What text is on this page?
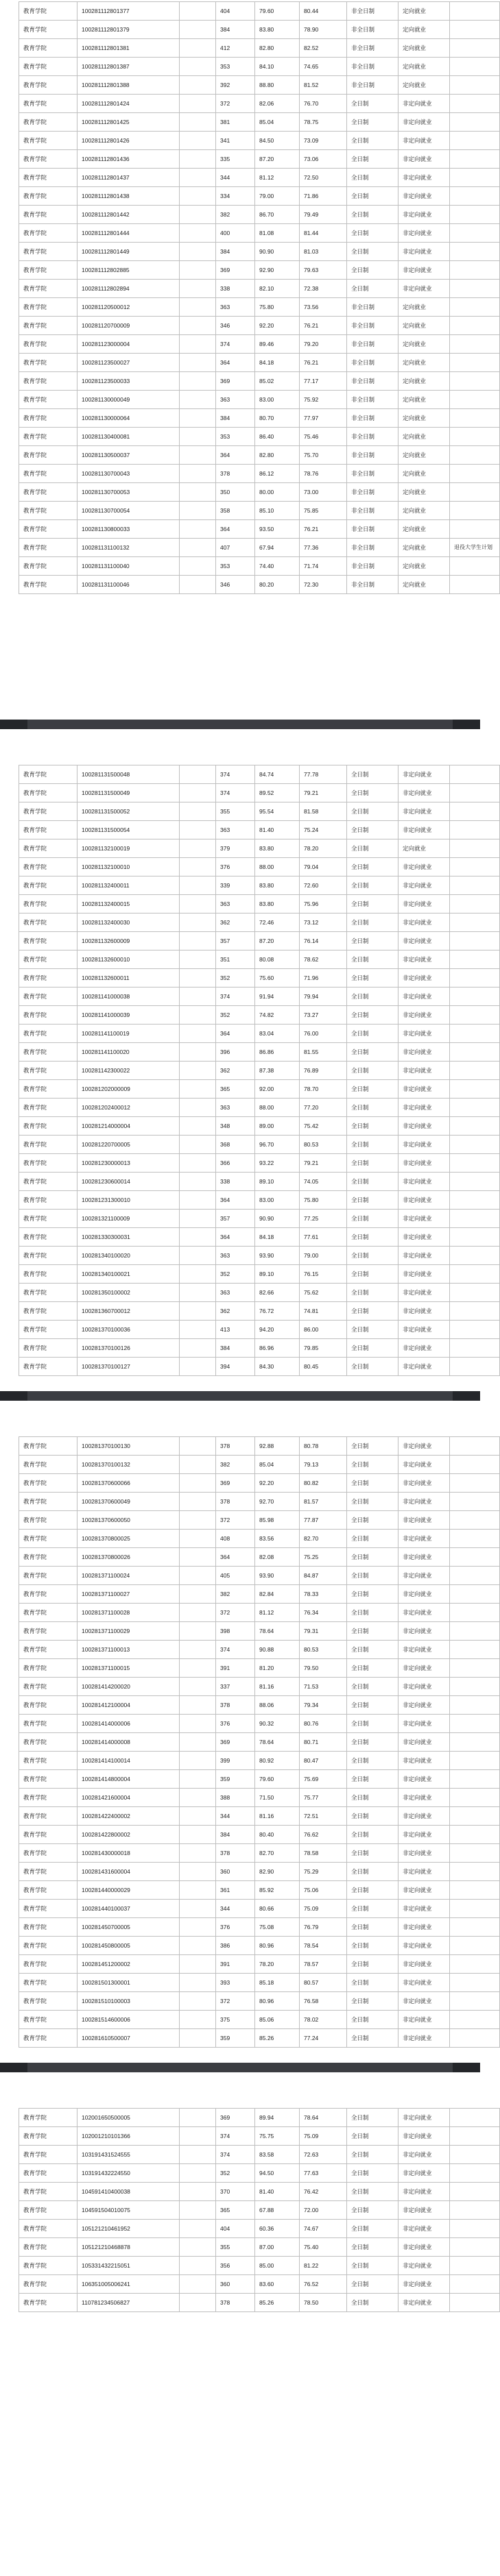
教育学院	100281112801377		404	79.60	80.44	非全日制	定向就业	
教育学院	100281112801379		384	83.80	78.90	非全日制	定向就业	
教育学院	100281112801381		412	82.80	82.52	非全日制	定向就业	
教育学院	100281112801387		353	84.10	74.65	非全日制	定向就业	
教育学院	100281112801388		392	88.80	81.52	非全日制	定向就业	
教育学院	100281112801424		372	82.06	76.70	全日制	非定向就业	
教育学院	100281112801425		381	85.04	78.75	全日制	非定向就业	
教育学院	100281112801426		341	84.50	73.09	全日制	非定向就业	
教育学院	100281112801436		335	87.20	73.06	全日制	非定向就业	
教育学院	100281112801437		344	81.12	72.50	全日制	非定向就业	
教育学院	100281112801438		334	79.00	71.86	全日制	非定向就业	
教育学院	100281112801442		382	86.70	79.49	全日制	非定向就业	
教育学院	100281112801444		400	81.08	81.44	全日制	非定向就业	
教育学院	100281112801449		384	90.90	81.03	全日制	非定向就业	
教育学院	100281112802885		369	92.90	79.63	全日制	非定向就业	
教育学院	100281112802894		338	82.10	72.38	全日制	非定向就业	
教育学院	100281120500012		363	75.80	73.56	非全日制	定向就业	
教育学院	100281120700009		346	92.20	76.21	非全日制	定向就业	
教育学院	100281123000004		374	89.46	79.20	非全日制	定向就业	
教育学院	100281123500027		364	84.18	76.21	非全日制	定向就业	
教育学院	100281123500033		369	85.02	77.17	非全日制	定向就业	
教育学院	100281130000049		363	83.00	75.92	非全日制	定向就业	
教育学院	100281130000064		384	80.70	77.97	非全日制	定向就业	
教育学院	100281130400081		353	86.40	75.46	非全日制	定向就业	
教育学院	100281130500037		364	82.80	75.70	非全日制	定向就业	
教育学院	100281130700043		378	86.12	78.76	非全日制	定向就业	
教育学院	100281130700053		350	80.00	73.00	非全日制	定向就业	
教育学院	100281130700054		358	85.10	75.85	非全日制	定向就业	
教育学院	100281130800033		364	93.50	76.21	非全日制	定向就业	
教育学院	100281131100132		407	67.94	77.36	非全日制	定向就业	退役大学生计划
教育学院	100281131100040		353	74.40	71.74	非全日制	定向就业	
教育学院	100281131100046		346	80.20	72.30	非全日制	定向就业	
教育学院	100281131500048		374	84.74	77.78	全日制	非定向就业	
教育学院	100281131500049		374	89.52	79.21	全日制	非定向就业	
教育学院	100281131500052		355	95.54	81.58	全日制	非定向就业	
教育学院	100281131500054		363	81.40	75.24	全日制	非定向就业	
教育学院	100281132100019		379	83.80	78.20	全日制	定向就业	
教育学院	100281132100010		376	88.00	79.04	全日制	非定向就业	
教育学院	100281132400011		339	83.80	72.60	全日制	非定向就业	
教育学院	100281132400015		363	83.80	75.96	全日制	非定向就业	
教育学院	100281132400030		362	72.46	73.12	全日制	非定向就业	
教育学院	100281132600009		357	87.20	76.14	全日制	非定向就业	
教育学院	100281132600010		351	80.08	78.62	全日制	非定向就业	
教育学院	100281132600011		352	75.60	71.96	全日制	非定向就业	
教育学院	100281141000038		374	91.94	79.94	全日制	非定向就业	
教育学院	100281141000039		352	74.82	73.27	全日制	非定向就业	
教育学院	100281141100019		364	83.04	76.00	全日制	非定向就业	
教育学院	100281141100020		396	86.86	81.55	全日制	非定向就业	
教育学院	100281142300022		362	87.38	76.89	全日制	非定向就业	
教育学院	100281202000009		365	92.00	78.70	全日制	非定向就业	
教育学院	100281202400012		363	88.00	77.20	全日制	非定向就业	
教育学院	100281214000004		348	89.00	75.42	全日制	非定向就业	
教育学院	100281220700005		368	96.70	80.53	全日制	非定向就业	
教育学院	100281230000013		366	93.22	79.21	全日制	非定向就业	
教育学院	100281230600014		338	89.10	74.05	全日制	非定向就业	
教育学院	100281231300010		364	83.00	75.80	全日制	非定向就业	
教育学院	100281321100009		357	90.90	77.25	全日制	非定向就业	
教育学院	100281330300031		364	84.18	77.61	全日制	非定向就业	
教育学院	100281340100020		363	93.90	79.00	全日制	非定向就业	
教育学院	100281340100021		352	89.10	76.15	全日制	非定向就业	
教育学院	100281350100002		363	82.66	75.62	全日制	非定向就业	
教育学院	100281360700012		362	76.72	74.81	全日制	非定向就业	
教育学院	100281370100036		413	94.20	86.00	全日制	非定向就业	
教育学院	100281370100126		384	86.96	79.85	全日制	非定向就业	
教育学院	100281370100127		394	84.30	80.45	全日制	非定向就业	
教育学院	100281370100130		378	92.88	80.78	全日制	非定向就业	
教育学院	100281370100132		382	85.04	79.13	全日制	非定向就业	
教育学院	100281370600066		369	92.20	80.82	全日制	非定向就业	
教育学院	100281370600049		378	92.70	81.57	全日制	非定向就业	
教育学院	100281370600050		372	85.98	77.87	全日制	非定向就业	
教育学院	100281370800025		408	83.56	82.70	全日制	非定向就业	
教育学院	100281370800026		364	82.08	75.25	全日制	非定向就业	
教育学院	100281371100024		405	93.90	84.87	全日制	非定向就业	
教育学院	100281371100027		382	82.84	78.33	全日制	非定向就业	
教育学院	100281371100028		372	81.12	76.34	全日制	非定向就业	
教育学院	100281371100029		398	78.64	79.31	全日制	非定向就业	
教育学院	100281371100013		374	90.88	80.53	全日制	非定向就业	
教育学院	100281371100015		391	81.20	79.50	全日制	非定向就业	
教育学院	100281414200020		337	81.16	71.53	全日制	非定向就业	
教育学院	100281412100004		378	88.06	79.34	全日制	非定向就业	
教育学院	100281414000006		376	90.32	80.76	全日制	非定向就业	
教育学院	100281414000008		369	78.64	80.71	全日制	非定向就业	
教育学院	100281414100014		399	80.92	80.47	全日制	非定向就业	
教育学院	100281414800004		359	79.60	75.69	全日制	非定向就业	
教育学院	100281421600004		388	71.50	75.77	全日制	非定向就业	
教育学院	100281422400002		344	81.16	72.51	全日制	非定向就业	
教育学院	100281422800002		384	80.40	76.62	全日制	非定向就业	
教育学院	100281430000018		378	82.70	78.58	全日制	非定向就业	
教育学院	100281431600004		360	82.90	75.29	全日制	非定向就业	
教育学院	100281440000029		361	85.92	75.06	全日制	非定向就业	
教育学院	100281440100037		344	80.66	75.09	全日制	非定向就业	
教育学院	100281450700005		376	75.08	76.79	全日制	非定向就业	
教育学院	100281450800005		386	80.96	78.54	全日制	非定向就业	
教育学院	100281451200002		391	78.20	78.57	全日制	非定向就业	
教育学院	100281501300001		393	85.18	80.57	全日制	非定向就业	
教育学院	100281510100003		372	80.96	76.58	全日制	非定向就业	
教育学院	100281514600006		375	85.06	78.02	全日制	非定向就业	
教育学院	100281610500007		359	85.26	77.24	全日制	非定向就业	
教育学院	102001650500005		369	89.94	78.64	全日制	非定向就业	
教育学院	102001210101366		374	75.75	75.09	全日制	非定向就业	
教育学院	103191431524555		374	83.58	72.63	全日制	非定向就业	
教育学院	103191432224550		352	94.50	77.63	全日制	非定向就业	
教育学院	104591410400038		370	81.40	76.42	全日制	非定向就业	
教育学院	104591504010075		365	67.88	72.00	全日制	非定向就业	
教育学院	105121210461952		404	60.36	74.67	全日制	非定向就业	
教育学院	105121210468878		355	87.00	75.40	全日制	非定向就业	
教育学院	105331432215051		356	85.00	81.22	全日制	非定向就业	
教育学院	106351005006241		360	83.60	76.52	全日制	非定向就业	
教育学院	110781234506827		378	85.26	78.50	全日制	非定向就业	
